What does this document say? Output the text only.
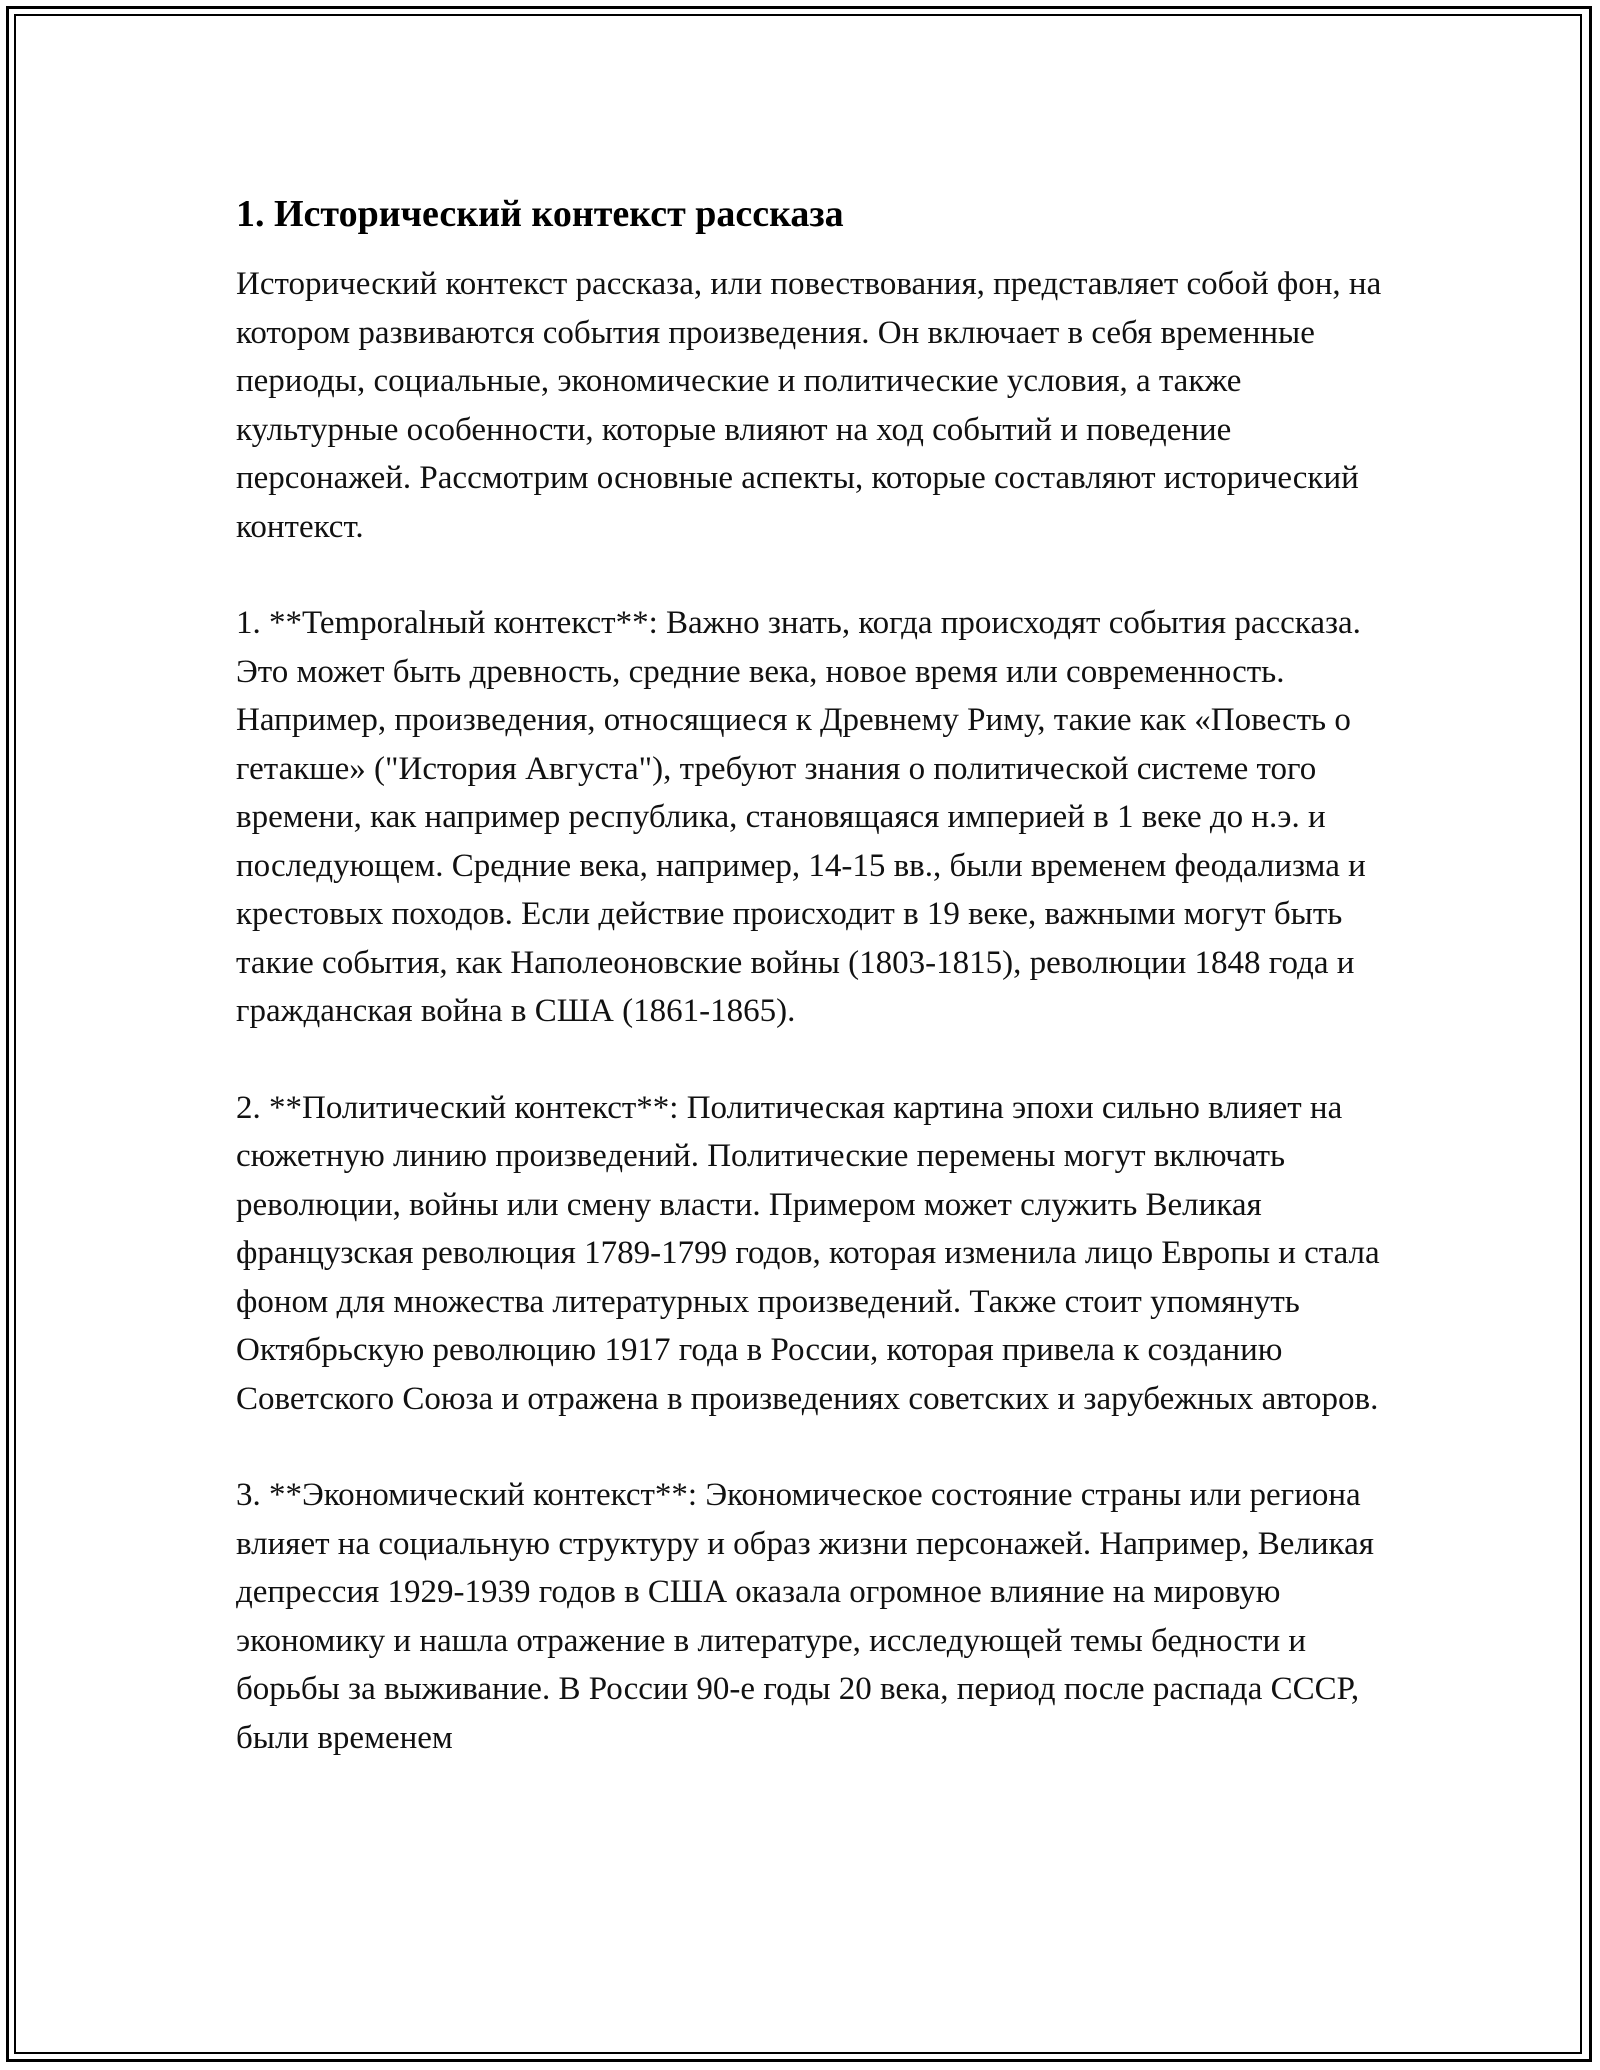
1. Исторический контекст рассказа

Исторический контекст рассказа, или повествования, представляет собой фон, на котором развиваются события произведения. Он включает в себя временные периоды, социальные, экономические и политические условия, а также культурные особенности, которые влияют на ход событий и поведение персонажей. Рассмотрим основные аспекты, которые составляют исторический контекст.

1. **Temporalный контекст**: Важно знать, когда происходят события рассказа. Это может быть древность, средние века, новое время или современность. Например, произведения, относящиеся к Древнему Риму, такие как «Повесть о гетакше» ("История Августа"), требуют знания о политической системе того времени, как например республика, становящаяся империей в 1 веке до н.э. и последующем. Средние века, например, 14-15 вв., были временем феодализма и крестовых походов. Если действие происходит в 19 веке, важными могут быть такие события, как Наполеоновские войны (1803-1815), революции 1848 года и гражданская война в США (1861-1865).

2. **Политический контекст**: Политическая картина эпохи сильно влияет на сюжетную линию произведений. Политические перемены могут включать революции, войны или смену власти. Примером может служить Великая французская революция 1789-1799 годов, которая изменила лицо Европы и стала фоном для множества литературных произведений. Также стоит упомянуть Октябрьскую революцию 1917 года в России, которая привела к созданию Советского Союза и отражена в произведениях советских и зарубежных авторов.

3. **Экономический контекст**: Экономическое состояние страны или региона влияет на социальную структуру и образ жизни персонажей. Например, Великая депрессия 1929-1939 годов в США оказала огромное влияние на мировую экономику и нашла отражение в литературе, исследующей темы бедности и борьбы за выживание. В России 90-е годы 20 века, период после распада СССР, были временем
